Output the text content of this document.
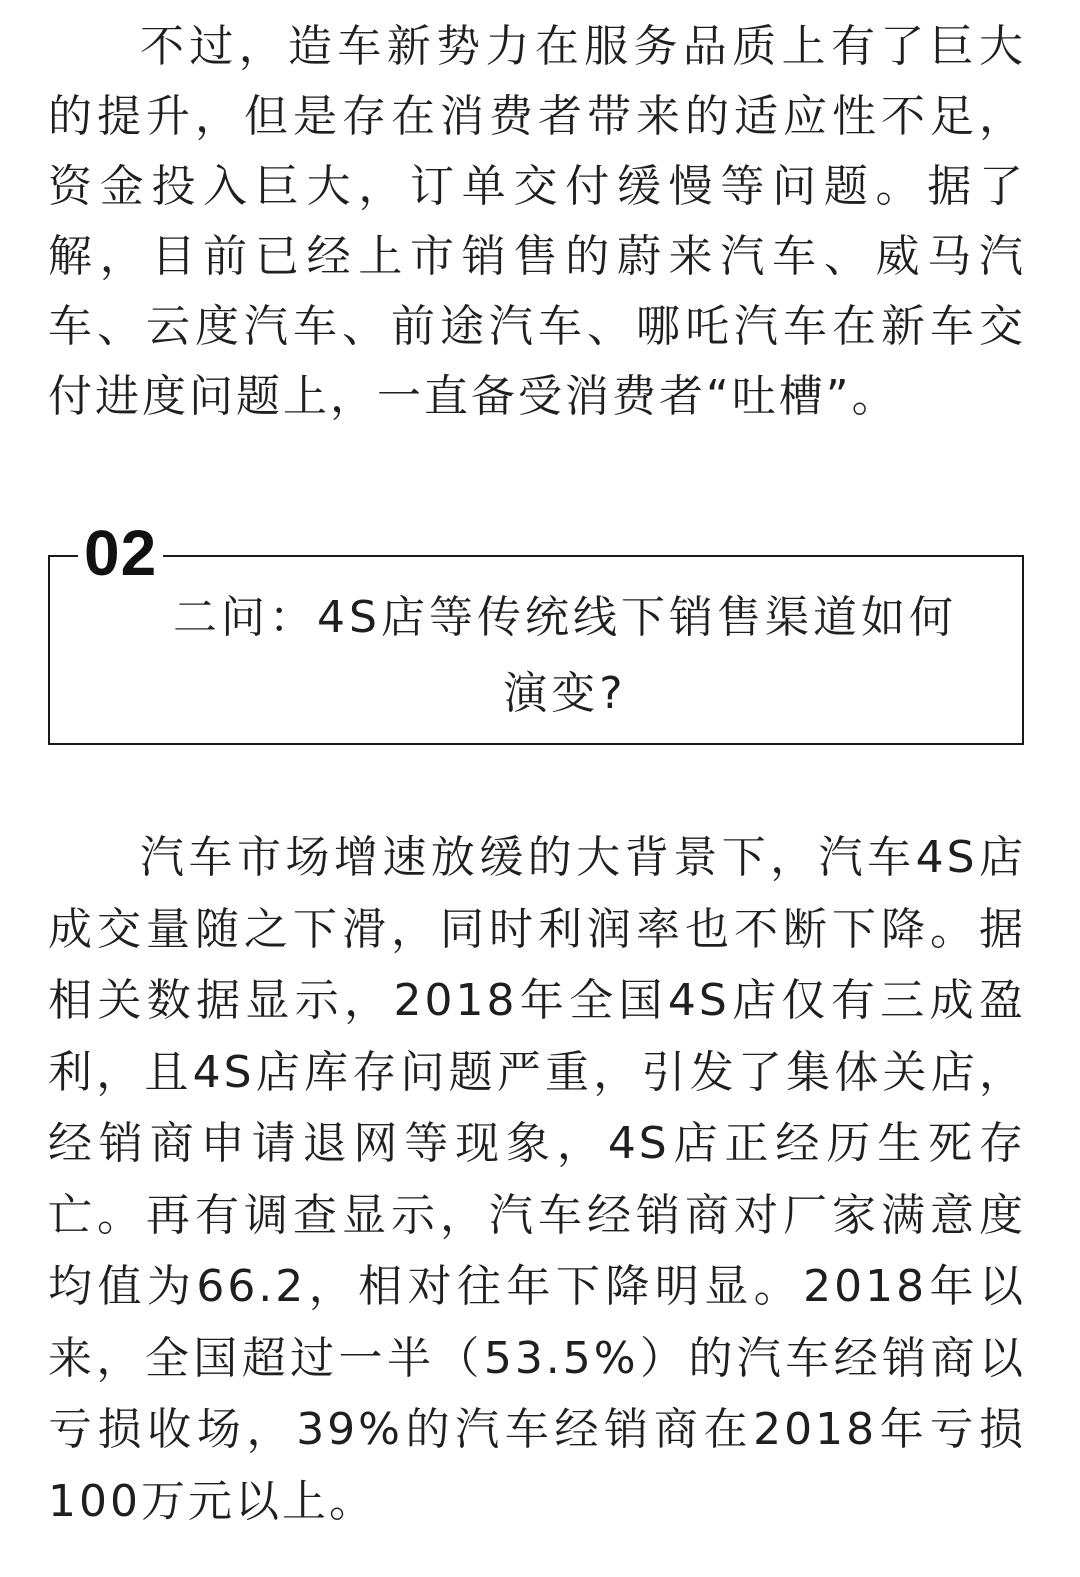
不过，造车新势力在服务品质上有了巨大的提升，但是存在消费者带来的适应性不足，资金投入巨大，订单交付缓慢等问题。据了解，目前已经上市销售的蔚来汽车、威马汽车、云度汽车、前途汽车、哪吒汽车在新车交付进度问题上，一直备受消费者“吐槽”。

02
二问：4S店等传统线下销售渠道如何演变?

汽车市场增速放缓的大背景下，汽车4S店成交量随之下滑，同时利润率也不断下降。据相关数据显示，2018年全国4S店仅有三成盈利，且4S店库存问题严重，引发了集体关店，经销商申请退网等现象，4S店正经历生死存亡。再有调查显示，汽车经销商对厂家满意度均值为66.2，相对往年下降明显。2018年以来，全国超过一半（53.5%）的汽车经销商以亏损收场，39%的汽车经销商在2018年亏损100万元以上。
